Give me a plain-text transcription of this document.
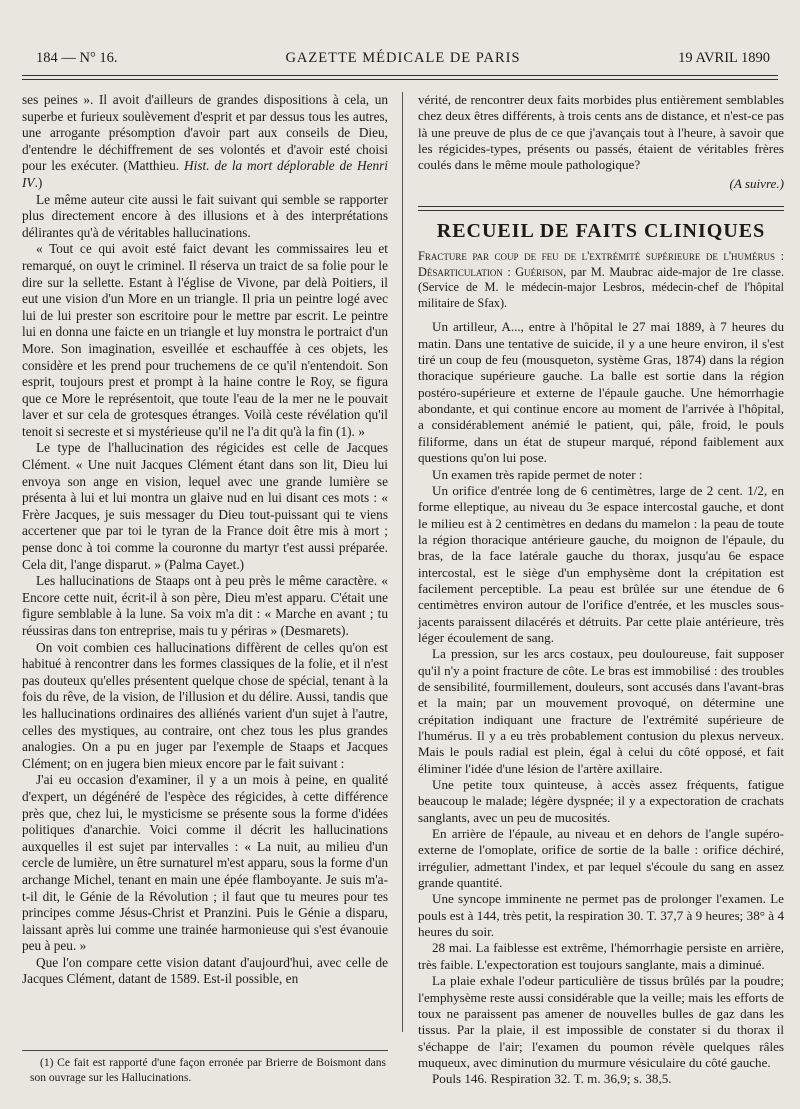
184 — N° 16.	GAZETTE MÉDICALE DE PARIS	19 AVRIL 1890

ses peines ». Il avoit d'ailleurs de grandes dispositions à cela, un superbe et furieux soulèvement d'esprit et par dessus tous les autres, une arrogante présomption d'avoir part aux conseils de Dieu, d'entendre le déchiffrement de ses volontés et d'avoir esté choisi pour les exécuter. (Matthieu. Hist. de la mort déplorable de Henri IV.)

Le même auteur cite aussi le fait suivant qui semble se rapporter plus directement encore à des illusions et à des interprétations délirantes qu'à de véritables hallucinations.

« Tout ce qui avoit esté faict devant les commissaires leu et remarqué, on ouyt le criminel. Il réserva un traict de sa folie pour le dire sur la sellette. Estant à l'église de Vivone, par delà Poitiers, il eut une vision d'un More en un triangle. Il pria un peintre logé avec lui de lui prester son escritoire pour le mettre par escrit. Le peintre lui en donna une faicte en un triangle et luy monstra le portraict d'un More. Son imagination, esveillée et eschauffée à ces objets, les considère et les prend pour truchemens de ce qu'il n'entendoit. Son esprit, toujours prest et prompt à la haine contre le Roy, se figura que ce More le représentoit, que toute l'eau de la mer ne le pouvait laver et sur cela de grotesques étranges. Voilà ceste révélation qu'il tenoit si secreste et si mystérieuse qu'il ne l'a dit qu'à la fin (1). »

Le type de l'hallucination des régicides est celle de Jacques Clément. « Une nuit Jacques Clément étant dans son lit, Dieu lui envoya son ange en vision, lequel avec une grande lumière se présenta à lui et lui montra un glaive nud en lui disant ces mots : « Frère Jacques, je suis messager du Dieu tout-puissant qui te viens accertener que par toi le tyran de la France doit être mis à mort ; pense donc à toi comme la couronne du martyr t'est aussi préparée. Cela dit, l'ange disparut. » (Palma Cayet.)

Les hallucinations de Staaps ont à peu près le même caractère. « Encore cette nuit, écrit-il à son père, Dieu m'est apparu. C'était une figure semblable à la lune. Sa voix m'a dit : « Marche en avant ; tu réussiras dans ton entreprise, mais tu y périras » (Desmarets).

On voit combien ces hallucinations diffèrent de celles qu'on est habitué à rencontrer dans les formes classiques de la folie, et il n'est pas douteux qu'elles présentent quelque chose de spécial, tenant à la fois du rêve, de la vision, de l'illusion et du délire. Aussi, tandis que les hallucinations ordinaires des alliénés varient d'un sujet à l'autre, celles des mystiques, au contraire, ont chez tous les plus grandes analogies. On a pu en juger par l'exemple de Staaps et Jacques Clément; on en jugera bien mieux encore par le fait suivant :

J'ai eu occasion d'examiner, il y a un mois à peine, en qualité d'expert, un dégénéré de l'espèce des régicides, à cette différence près que, chez lui, le mysticisme se présente sous la forme d'idées politiques d'anarchie. Voici comme il décrit les hallucinations auxquelles il est sujet par intervalles : « La nuit, au milieu d'un cercle de lumière, un être surnaturel m'est apparu, sous la forme d'un archange Michel, tenant en main une épée flamboyante. Je suis m'a-t-il dit, le Génie de la Révolution ; il faut que tu meures pour tes principes comme Jésus-Christ et Pranzini. Puis le Génie a disparu, laissant après lui comme une trainée harmonieuse qui s'est évanouie peu à peu. »

Que l'on compare cette vision datant d'aujourd'hui, avec celle de Jacques Clément, datant de 1589. Est-il possible, en

vérité, de rencontrer deux faits morbides plus entièrement semblables chez deux êtres différents, à trois cents ans de distance, et n'est-ce pas là une preuve de plus de ce que j'avançais tout à l'heure, à savoir que les régicides-types, présents ou passés, étaient de véritables frères coulés dans le même moule pathologique?

(A suivre.)
RECUEIL DE FAITS CLINIQUES

Fracture par coup de feu de l'extrémité supérieure de l'humérus : Désarticulation : Guérison, par M. Maubrac aide-major de 1re classe. (Service de M. le médecin-major Lesbros, médecin-chef de l'hôpital militaire de Sfax).

Un artilleur, A..., entre à l'hôpital le 27 mai 1889, à 7 heures du matin. Dans une tentative de suicide, il y a une heure environ, il s'est tiré un coup de feu (mousqueton, système Gras, 1874) dans la région thoracique supérieure gauche. La balle est sortie dans la région postéro-supérieure et externe de l'épaule gauche. Une hémorrhagie abondante, et qui continue encore au moment de l'arrivée à l'hôpital, a considérablement anémié le patient, qui, pâle, froid, le pouls filiforme, dans un état de stupeur marqué, répond faiblement aux questions qu'on lui pose.

Un examen très rapide permet de noter :

Un orifice d'entrée long de 6 centimètres, large de 2 cent. 1/2, en forme elleptique, au niveau du 3e espace intercostal gauche, et dont le milieu est à 2 centimètres en dedans du mamelon : la peau de toute la région thoracique antérieure gauche, du moignon de l'épaule, du bras, de la face latérale gauche du thorax, jusqu'au 6e espace intercostal, est le siège d'un emphysème dont la crépitation est facilement perceptible. La peau est brûlée sur une étendue de 6 centimètres environ autour de l'orifice d'entrée, et les muscles sous-jacents paraissent dilacérés et détruits. Par cette plaie antérieure, très léger écoulement de sang.

La pression, sur les arcs costaux, peu douloureuse, fait supposer qu'il n'y a point fracture de côte. Le bras est immobilisé : des troubles de sensibilité, fourmillement, douleurs, sont accusés dans l'avant-bras et la main; par un mouvement provoqué, on détermine une crépitation indiquant une fracture de l'extrémité supérieure de l'humérus. Il y a eu très probablement contusion du plexus nerveux. Mais le pouls radial est plein, égal à celui du côté opposé, et fait éliminer l'idée d'une lésion de l'artère axillaire.

Une petite toux quinteuse, à accès assez fréquents, fatigue beaucoup le malade; légère dyspnée; il y a expectoration de crachats sanglants, avec un peu de mucosités.

En arrière de l'épaule, au niveau et en dehors de l'angle supéro-externe de l'omoplate, orifice de sortie de la balle : orifice déchiré, irrégulier, admettant l'index, et par lequel s'écoule du sang en assez grande quantité.

Une syncope imminente ne permet pas de prolonger l'examen. Le pouls est à 144, très petit, la respiration 30. T. 37,7 à 9 heures; 38° à 4 heures du soir.

28 mai. La faiblesse est extrême, l'hémorrhagie persiste en arrière, très faible. L'expectoration est toujours sanglante, mais a diminué.

La plaie exhale l'odeur particulière de tissus brûlés par la poudre; l'emphysème reste aussi considérable que la veille; mais les efforts de toux ne paraissent pas amener de nouvelles bulles de gaz dans les tissus. Par la plaie, il est impossible de constater si du thorax il s'échappe de l'air; l'examen du poumon révèle quelques râles muqueux, avec diminution du murmure vésiculaire du côté gauche.

Pouls 146. Respiration 32. T. m. 36,9; s. 38,5.

(1) Ce fait est rapporté d'une façon erronée par Brierre de Boismont dans son ouvrage sur les Hallucinations.
